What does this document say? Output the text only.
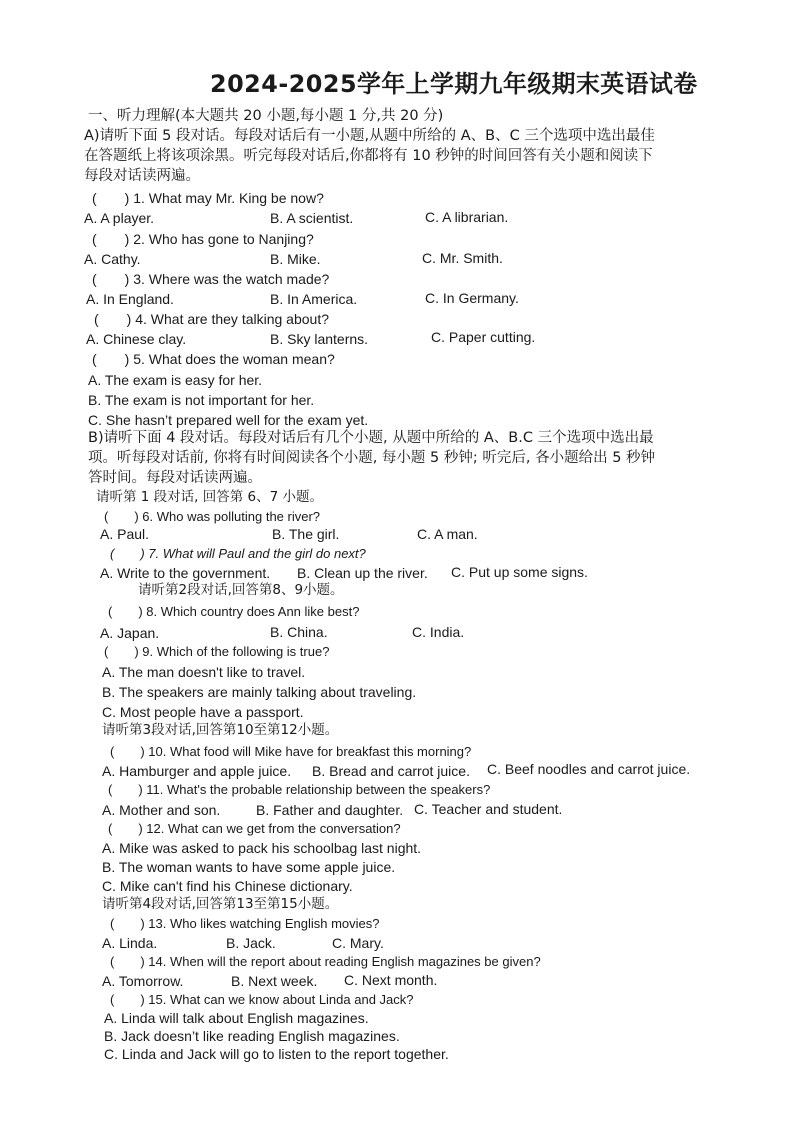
2024-2025学年上学期九年级期末英语试卷
一、听力理解(本大题共 20 小题,每小题 1 分,共 20 分)
A)请听下面 5 段对话。每段对话后有一小题,从题中所给的 A、B、C 三个选项中选出最佳
在答题纸上将该项涂黑。听完每段对话后,你都将有 10 秒钟的时间回答有关小题和阅读下
每段对话读两遍。
(　　) 1. What may Mr. King be now?
A. A player.	B. A scientist.	C. A librarian.
(　　) 2. Who has gone to Nanjing?
A. Cathy.	B. Mike.	C. Mr. Smith.
(　　) 3. Where was the watch made?
A. In England.	B. In America.	C. In Germany.
(　　) 4. What are they talking about?
A. Chinese clay.	B. Sky lanterns.	C. Paper cutting.
(　　) 5. What does the woman mean?
A. The exam is easy for her.
B. The exam is not important for her.
C. She hasn’t prepared well for the exam yet.
B)请听下面 4 段对话。每段对话后有几个小题, 从题中所给的 A、B.C 三个选项中选出最
项。听每段对话前, 你将有时间阅读各个小题, 每小题 5 秒钟; 听完后, 各小题给出 5 秒钟
答时间。每段对话读两遍。
请听第 1 段对话, 回答第 6、7 小题。
(　　) 6. Who was polluting the river?
A. Paul.	B. The girl.	C. A man.
(　　) 7. What will Paul and the girl do next?
A. Write to the government. B. Clean up the river. C. Put up some signs.
请听第2段对话,回答第8、9小题。
(　　) 8. Which country does Ann like best?
A. Japan.	B. China.	C. India.
(　　) 9. Which of the following is true?
A. The man doesn't like to travel.
B. The speakers are mainly talking about traveling.
C. Most people have a passport.
请听第3段对话,回答第10至第12小题。
(　　) 10. What food will Mike have for breakfast this morning?
A. Hamburger and apple juice. B. Bread and carrot juice. C. Beef noodles and carrot juice.
(　　) 11. What's the probable relationship between the speakers?
A. Mother and son.	B. Father and daughter. C. Teacher and student.
(　　) 12. What can we get from the conversation?
A. Mike was asked to pack his schoolbag last night.
B. The woman wants to have some apple juice.
C. Mike can't find his Chinese dictionary.
请听第4段对话,回答第13至第15小题。
(　　) 13. Who likes watching English movies?
A. Linda.	B. Jack.	C. Mary.
(　　) 14. When will the report about reading English magazines be given?
A. Tomorrow.	B. Next week. C. Next month.
(　　) 15. What can we know about Linda and Jack?
A. Linda will talk about English magazines.
B. Jack doesn’t like reading English magazines.
C. Linda and Jack will go to listen to the report together.
